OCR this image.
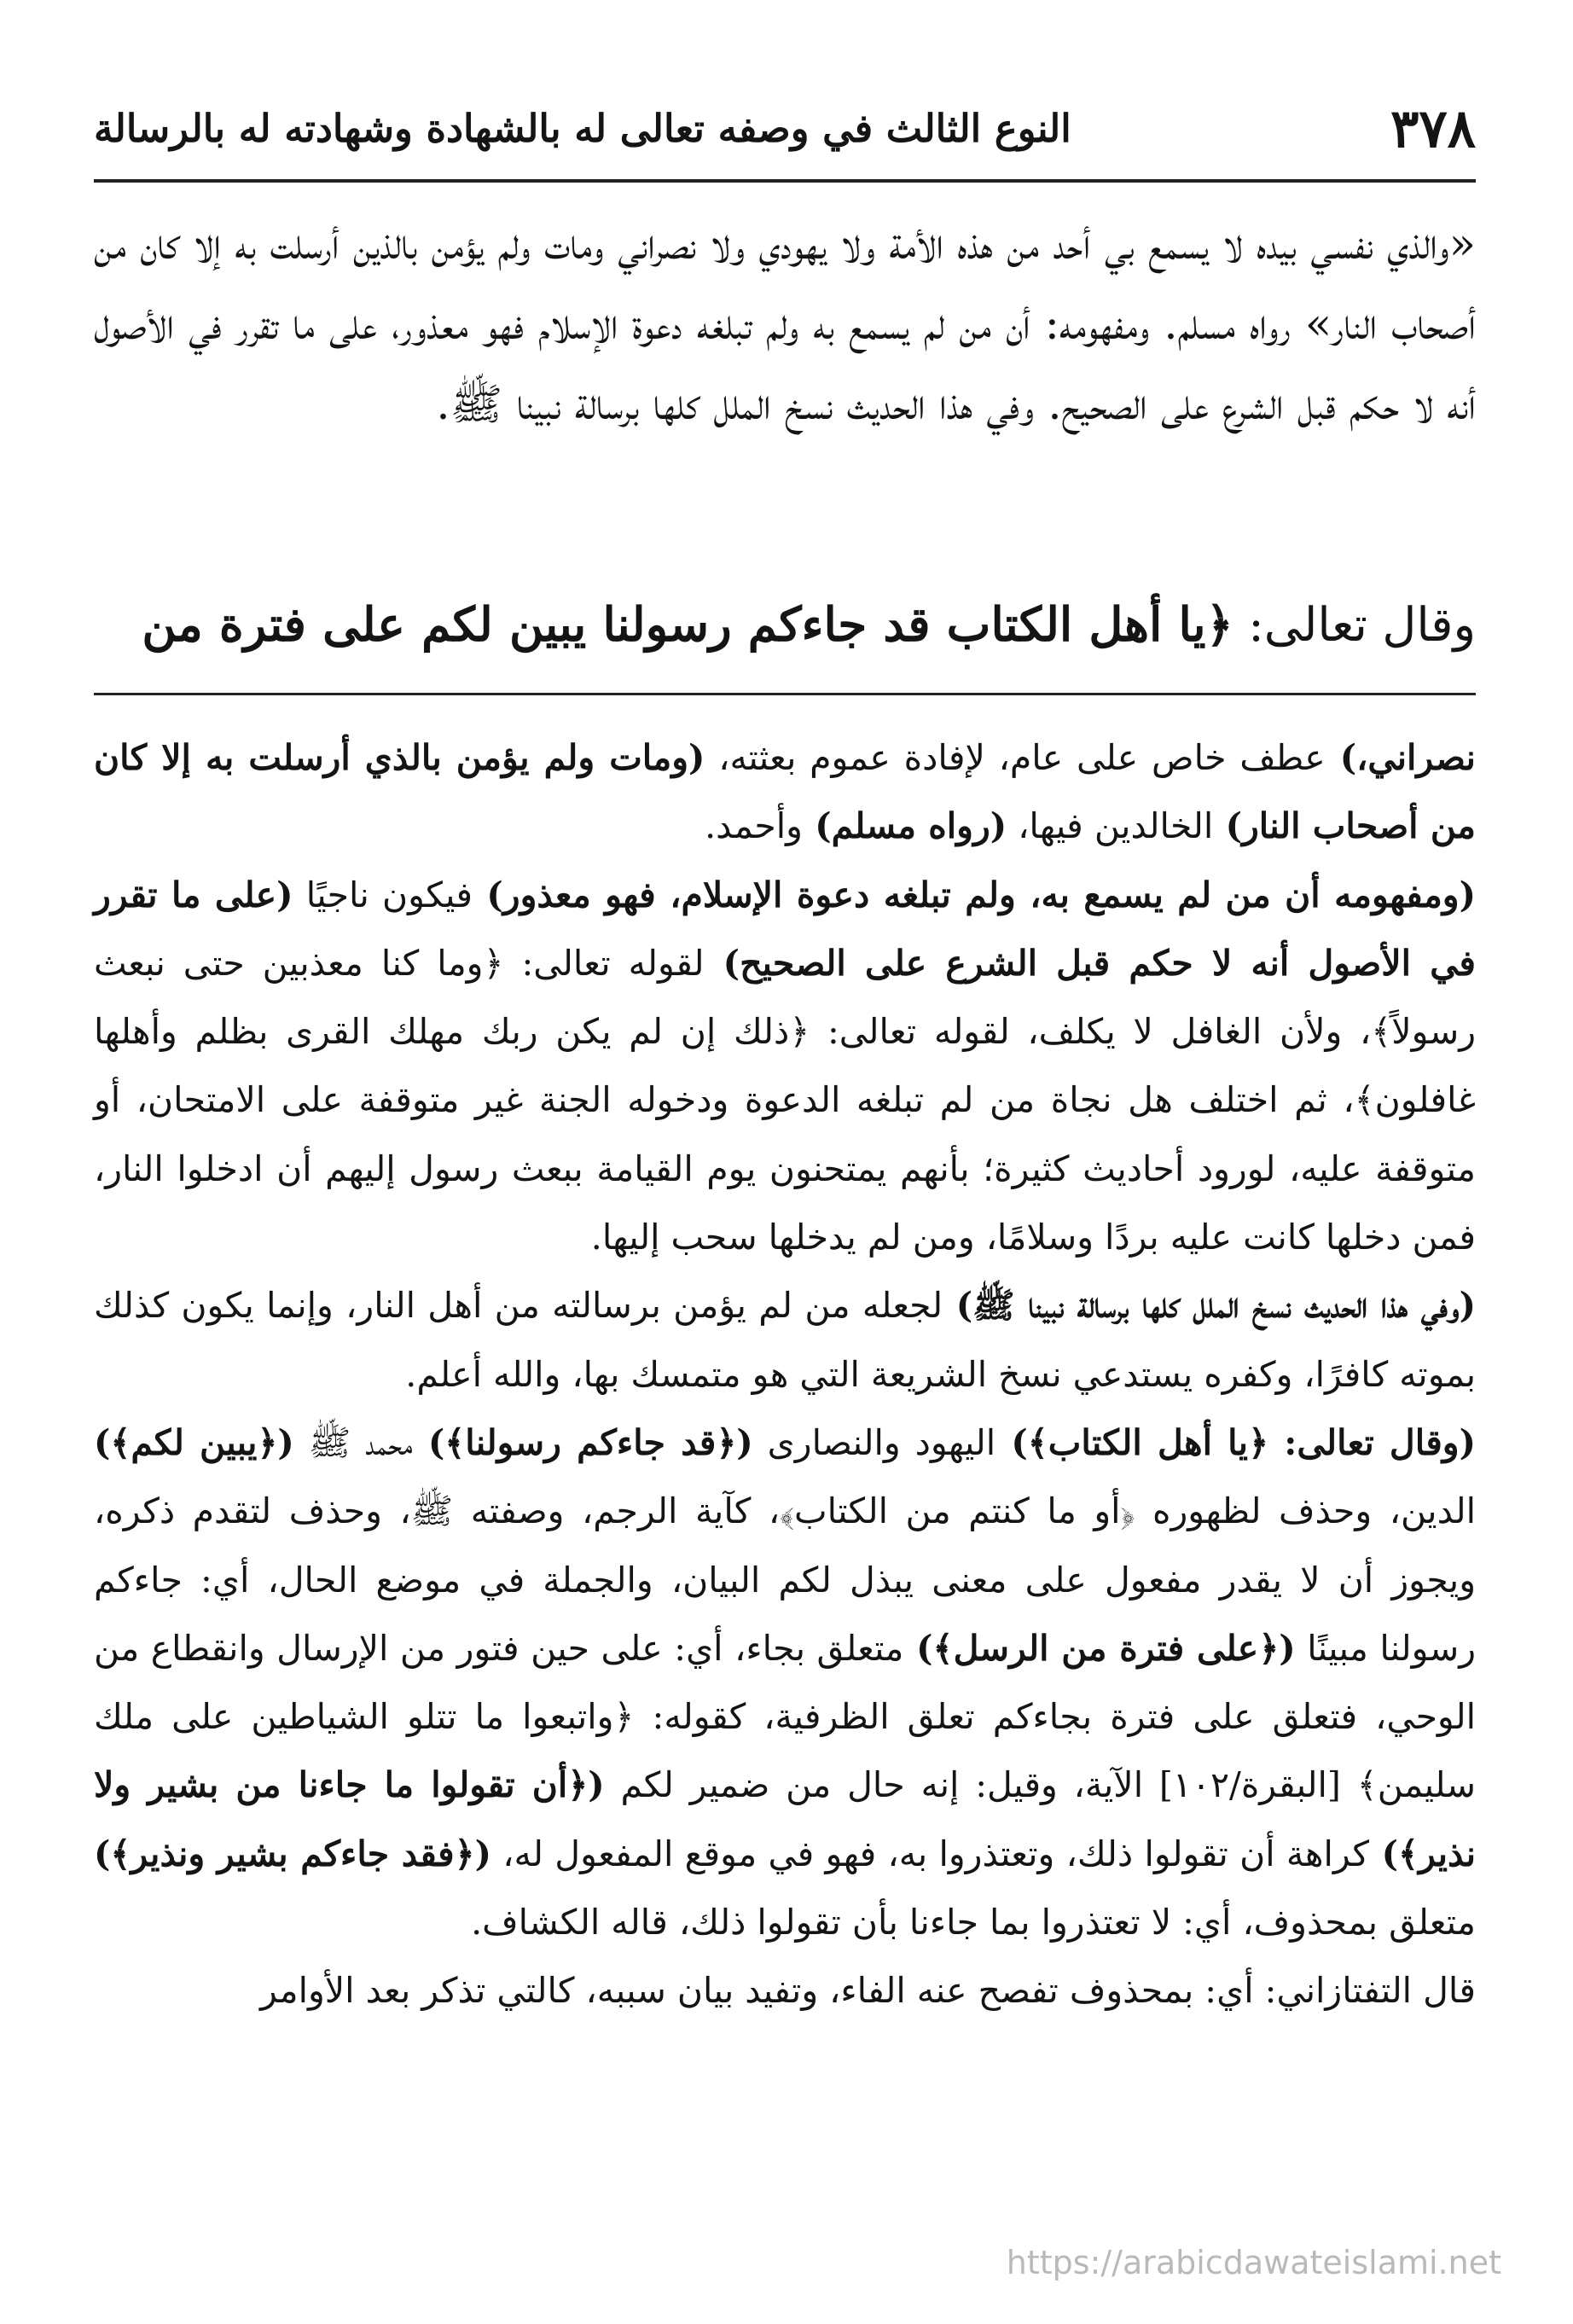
٣٧٨
النوع الثالث في وصفه تعالى له بالشهادة وشهادته له بالرسالة

«والذي نفسي بيده لا يسمع بي أحد من هذه الأمة ولا يهودي ولا نصراني ومات ولم يؤمن بالذين أرسلت به إلا كان من أصحاب النار» رواه مسلم. ومفهومه: أن من لم يسمع به ولم تبلغه دعوة الإسلام فهو معذور، على ما تقرر في الأصول أنه لا حكم قبل الشرع على الصحيح. وفي هذا الحديث نسخ الملل كلها برسالة نبينا ﷺ.

وقال تعالى: ﴿يا أهل الكتاب قد جاءكم رسولنا يبين لكم على فترة من

نصراني،) عطف خاص على عام، لإفادة عموم بعثته، (ومات ولم يؤمن بالذي أرسلت به إلا كان من أصحاب النار) الخالدين فيها، (رواه مسلم) وأحمد.

(ومفهومه أن من لم يسمع به، ولم تبلغه دعوة الإسلام، فهو معذور) فيكون ناجيًا (على ما تقرر في الأصول أنه لا حكم قبل الشرع على الصحيح) لقوله تعالى: ﴿وما كنا معذبين حتى نبعث رسولاً﴾، ولأن الغافل لا يكلف، لقوله تعالى: ﴿ذلك إن لم يكن ربك مهلك القرى بظلم وأهلها غافلون﴾، ثم اختلف هل نجاة من لم تبلغه الدعوة ودخوله الجنة غير متوقفة على الامتحان، أو متوقفة عليه، لورود أحاديث كثيرة؛ بأنهم يمتحنون يوم القيامة ببعث رسول إليهم أن ادخلوا النار، فمن دخلها كانت عليه بردًا وسلامًا، ومن لم يدخلها سحب إليها.

(وفي هذا الحديث نسخ الملل كلها برسالة نبينا ﷺ) لجعله من لم يؤمن برسالته من أهل النار، وإنما يكون كذلك بموته كافرًا، وكفره يستدعي نسخ الشريعة التي هو متمسك بها، والله أعلم.

(وقال تعالى: ﴿يا أهل الكتاب﴾) اليهود والنصارى (﴿قد جاءكم رسولنا﴾) محمد ﷺ (﴿يبين لكم﴾) الدين، وحذف لظهوره ﴿أو ما كنتم من الكتاب﴾، كآية الرجم، وصفته ﷺ، وحذف لتقدم ذكره، ويجوز أن لا يقدر مفعول على معنى يبذل لكم البيان، والجملة في موضع الحال، أي: جاءكم رسولنا مبينًا (﴿على فترة من الرسل﴾) متعلق بجاء، أي: على حين فتور من الإرسال وانقطاع من الوحي، فتعلق على فترة بجاءكم تعلق الظرفية، كقوله: ﴿واتبعوا ما تتلو الشياطين على ملك سليمن﴾ [البقرة/١٠٢] الآية، وقيل: إنه حال من ضمير لكم (﴿أن تقولوا ما جاءنا من بشير ولا نذير﴾) كراهة أن تقولوا ذلك، وتعتذروا به، فهو في موقع المفعول له، (﴿فقد جاءكم بشير ونذير﴾) متعلق بمحذوف، أي: لا تعتذروا بما جاءنا بأن تقولوا ذلك، قاله الكشاف.

قال التفتازاني: أي: بمحذوف تفصح عنه الفاء، وتفيد بيان سببه، كالتي تذكر بعد الأوامر

https://arabicdawateislami.net
